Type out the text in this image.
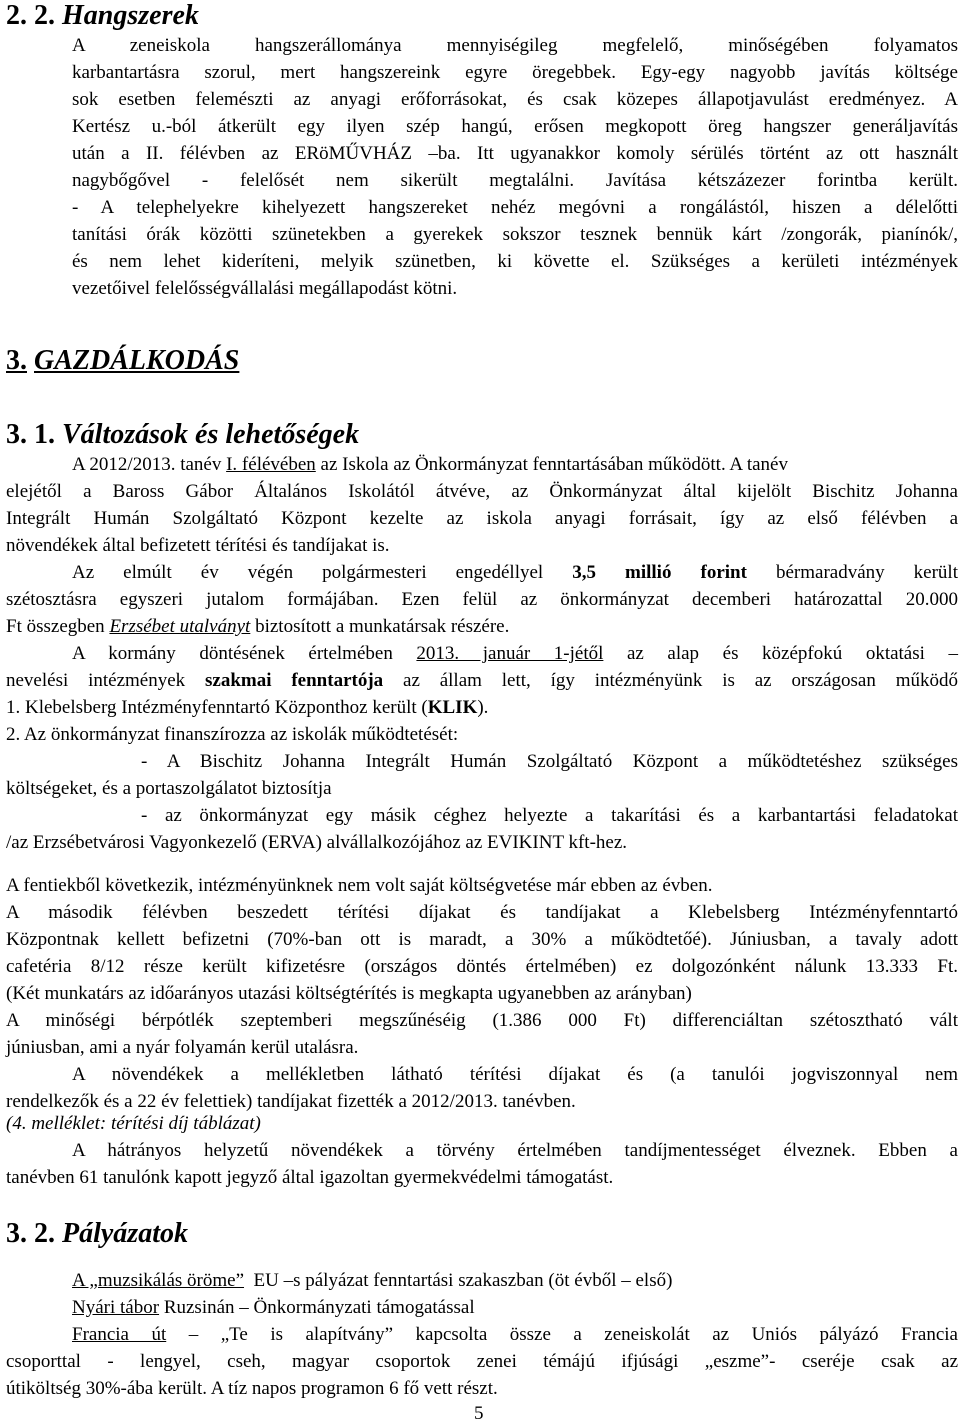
2. 2. Hangszerek
A zeneiskola hangszerállománya mennyiségileg megfelelő, minőségében folyamatos
karbantartásra szorul, mert hangszereink egyre öregebbek. Egy-egy nagyobb javítás költsége
sok esetben felemészti az anyagi erőforrásokat, és csak közepes állapotjavulást eredményez. A
Kertész u.-ból átkerült egy ilyen szép hangú, erősen megkopott öreg hangszer generáljavítás
után a II. félévben az ERöMŰVHÁZ –ba. Itt ugyanakkor komoly sérülés történt az ott használt
nagybőgővel - felelősét nem sikerült megtalálni. Javítása kétszázezer forintba került.
- A telephelyekre kihelyezett hangszereket nehéz megóvni a rongálástól, hiszen a délelőtti
tanítási órák közötti szünetekben a gyerekek sokszor tesznek bennük kárt /zongorák, pianínók/,
és nem lehet kideríteni, melyik szünetben, ki követte el. Szükséges a kerületi intézmények
vezetőivel felelősségvállalási megállapodást kötni.
3. GAZDÁLKODÁS
3. 1. Változások és lehetőségek
A 2012/2013. tanév I. félévében az Iskola az Önkormányzat fenntartásában működött. A tanév
elejétől a Baross Gábor Általános Iskolától átvéve, az Önkormányzat által kijelölt Bischitz Johanna
Integrált Humán Szolgáltató Központ kezelte az iskola anyagi forrásait, így az első félévben a
növendékek által befizetett térítési és tandíjakat is.
Az elmúlt év végén polgármesteri engedéllyel 3,5 millió forint bérmaradvány került
szétosztásra egyszeri jutalom formájában. Ezen felül az önkormányzat decemberi határozattal 20.000
Ft összegben Erzsébet utalványt biztosított a munkatársak részére.
A kormány döntésének értelmében 2013. január 1-jétől az alap és középfokú oktatási –
nevelési intézmények szakmai fenntartója az állam lett, így intézményünk is az országosan működő
1. Klebelsberg Intézményfenntartó Központhoz került (KLIK).
2. Az önkormányzat finanszírozza az iskolák működtetését:
- A Bischitz Johanna Integrált Humán Szolgáltató Központ a működtetéshez szükséges
költségeket, és a portaszolgálatot biztosítja
- az önkormányzat egy másik céghez helyezte a takarítási és a karbantartási feladatokat
/az Erzsébetvárosi Vagyonkezelő (ERVA) alvállalkozójához az EVIKINT kft-hez.
A fentiekből következik, intézményünknek nem volt saját költségvetése már ebben az évben.
A második félévben beszedett térítési díjakat és tandíjakat a Klebelsberg Intézményfenntartó
Központnak kellett befizetni (70%-ban ott is maradt, a 30% a működtetőé). Júniusban, a tavaly adott
cafetéria 8/12 része került kifizetésre (országos döntés értelmében) ez dolgozónként nálunk 13.333 Ft.
(Két munkatárs az időarányos utazási költségtérítés is megkapta ugyanebben az arányban)
A minőségi bérpótlék szeptemberi megszűnéséig (1.386 000 Ft) differenciáltan szétosztható vált
júniusban, ami a nyár folyamán kerül utalásra.
A növendékek a mellékletben látható térítési díjakat és (a tanulói jogviszonnyal nem
rendelkezők és a 22 év felettiek) tandíjakat fizették a 2012/2013. tanévben.
(4. melléklet: térítési díj táblázat)
A hátrányos helyzetű növendékek a törvény értelmében tandíjmentességet élveznek. Ebben a
tanévben 61 tanulónk kapott jegyző által igazoltan gyermekvédelmi támogatást.
3. 2. Pályázatok
A „muzsikálás öröme”  EU –s pályázat fenntartási szakaszban (öt évből – első)
Nyári tábor Ruzsinán – Önkormányzati támogatással
Francia út – „Te is alapítvány” kapcsolta össze a zeneiskolát az Uniós pályázó Francia
csoporttal - lengyel, cseh, magyar csoportok zenei témájú ifjúsági „eszme”- cseréje csak az
útiköltség 30%-ába került. A tíz napos programon 6 fő vett részt.
5
